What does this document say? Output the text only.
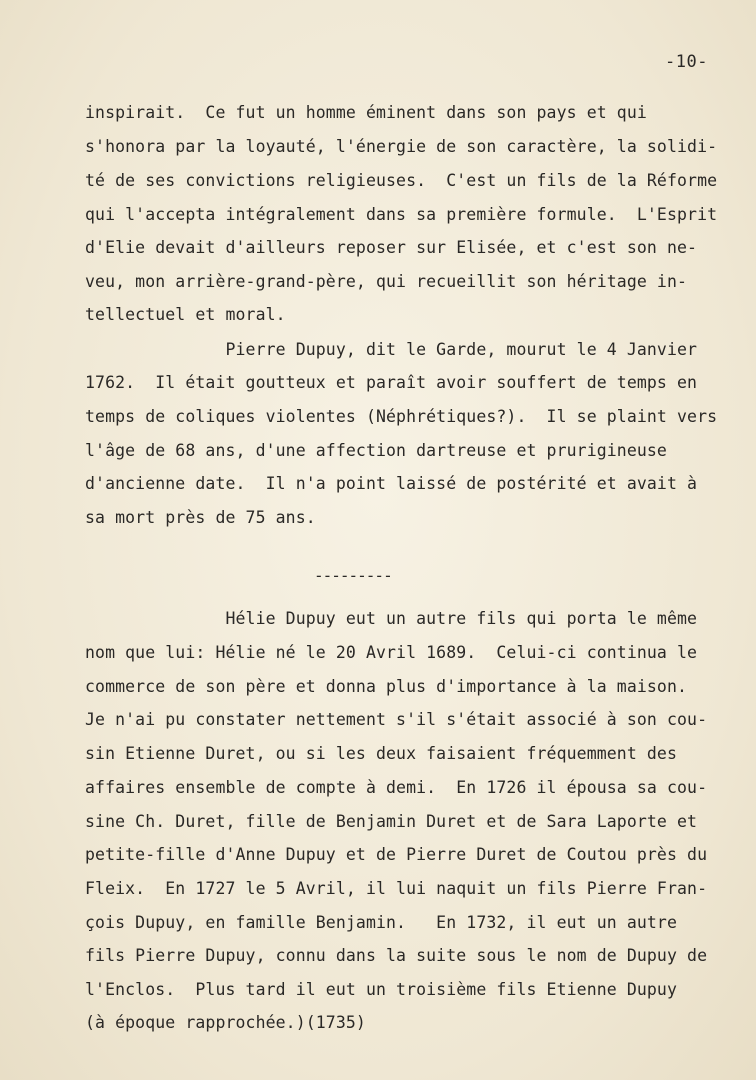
-10-
inspirait.  Ce fut un homme éminent dans son pays et qui
s'honora par la loyauté, l'énergie de son caractère, la solidi-
té de ses convictions religieuses.  C'est un fils de la Réforme
qui l'accepta intégralement dans sa première formule.  L'Esprit
d'Elie devait d'ailleurs reposer sur Elisée, et c'est son ne-
veu, mon arrière-grand-père, qui recueillit son héritage in-
tellectuel et moral.
Pierre Dupuy, dit le Garde, mourut le 4 Janvier
1762.  Il était goutteux et paraît avoir souffert de temps en
temps de coliques violentes (Néphrétiques?).  Il se plaint vers
l'âge de 68 ans, d'une affection dartreuse et pruriginеuse
d'ancienne date.  Il n'a point laissé de postérité et avait à
sa mort près de 75 ans.
---------
Hélie Dupuy eut un autre fils qui porta le même
nom que lui: Hélie né le 20 Avril 1689.  Celui-ci continua le
commerce de son père et donna plus d'importance à la maison.
Je n'ai pu constater nettement s'il s'était associé à son cou-
sin Etienne Duret, ou si les deux faisaient fréquemment des
affaires ensemble de compte à demi.  En 1726 il épousa sa cou-
sine Ch. Duret, fille de Benjamin Duret et de Sara Laporte et
petite-fille d'Anne Dupuy et de Pierre Duret de Coutou près du
Fleix.  En 1727 le 5 Avril, il lui naquit un fils Pierre Fran-
çois Dupuy, en famille Benjamin.   En 1732, il eut un autre
fils Pierre Dupuy, connu dans la suite sous le nom de Dupuy de
l'Enclos.  Plus tard il eut un troisième fils Etienne Dupuy
(à époque rapprochée.)(1735)
